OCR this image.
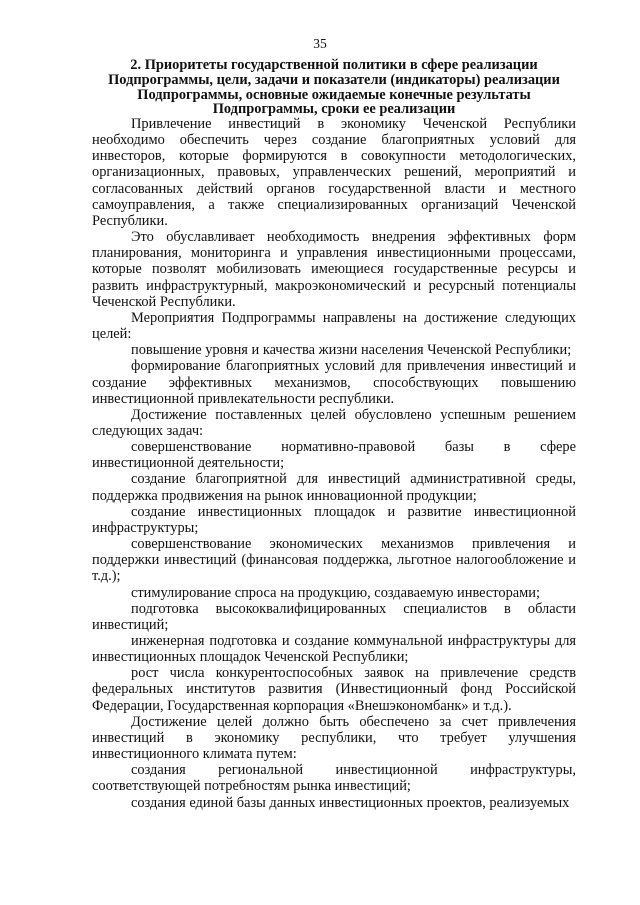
35
2. Приоритеты государственной политики в сфере реализации
Подпрограммы, цели, задачи и показатели (индикаторы) реализации
Подпрограммы, основные ожидаемые конечные результаты
Подпрограммы, сроки ее реализации

Привлечение инвестиций в экономику Чеченской Республики необходимо обеспечить через создание благоприятных условий для инвесторов, которые формируются в совокупности методологических, организационных, правовых, управленческих решений, мероприятий и согласованных действий органов государственной власти и местного самоуправления, а также специализированных организаций Чеченской Республики.

Это обуславливает необходимость внедрения эффективных форм планирования, мониторинга и управления инвестиционными процессами, которые позволят мобилизовать имеющиеся государственные ресурсы и развить инфраструктурный, макроэкономический и ресурсный потенциалы Чеченской Республики.

Мероприятия Подпрограммы направлены на достижение следующих целей:

повышение уровня и качества жизни населения Чеченской Республики;

формирование благоприятных условий для привлечения инвестиций и создание эффективных механизмов, способствующих повышению инвестиционной привлекательности республики.

Достижение поставленных целей обусловлено успешным решением следующих задач:

совершенствование нормативно-правовой базы в сфере инвестиционной деятельности;

создание благоприятной для инвестиций административной среды, поддержка продвижения на рынок инновационной продукции;

создание инвестиционных площадок и развитие инвестиционной инфраструктуры;

совершенствование экономических механизмов привлечения и поддержки инвестиций (финансовая поддержка, льготное налогообложение и т.д.);

стимулирование спроса на продукцию, создаваемую инвесторами;

подготовка высококвалифицированных специалистов в области инвестиций;

инженерная подготовка и создание коммунальной инфраструктуры для инвестиционных площадок Чеченской Республики;

рост числа конкурентоспособных заявок на привлечение средств федеральных институтов развития (Инвестиционный фонд Российской Федерации, Государственная корпорация «Внешэкономбанк» и т.д.).

Достижение целей должно быть обеспечено за счет привлечения инвестиций в экономику республики, что требует улучшения инвестиционного климата путем:

создания региональной инвестиционной инфраструктуры, соответствующей потребностям рынка инвестиций;

создания единой базы данных инвестиционных проектов, реализуемых
